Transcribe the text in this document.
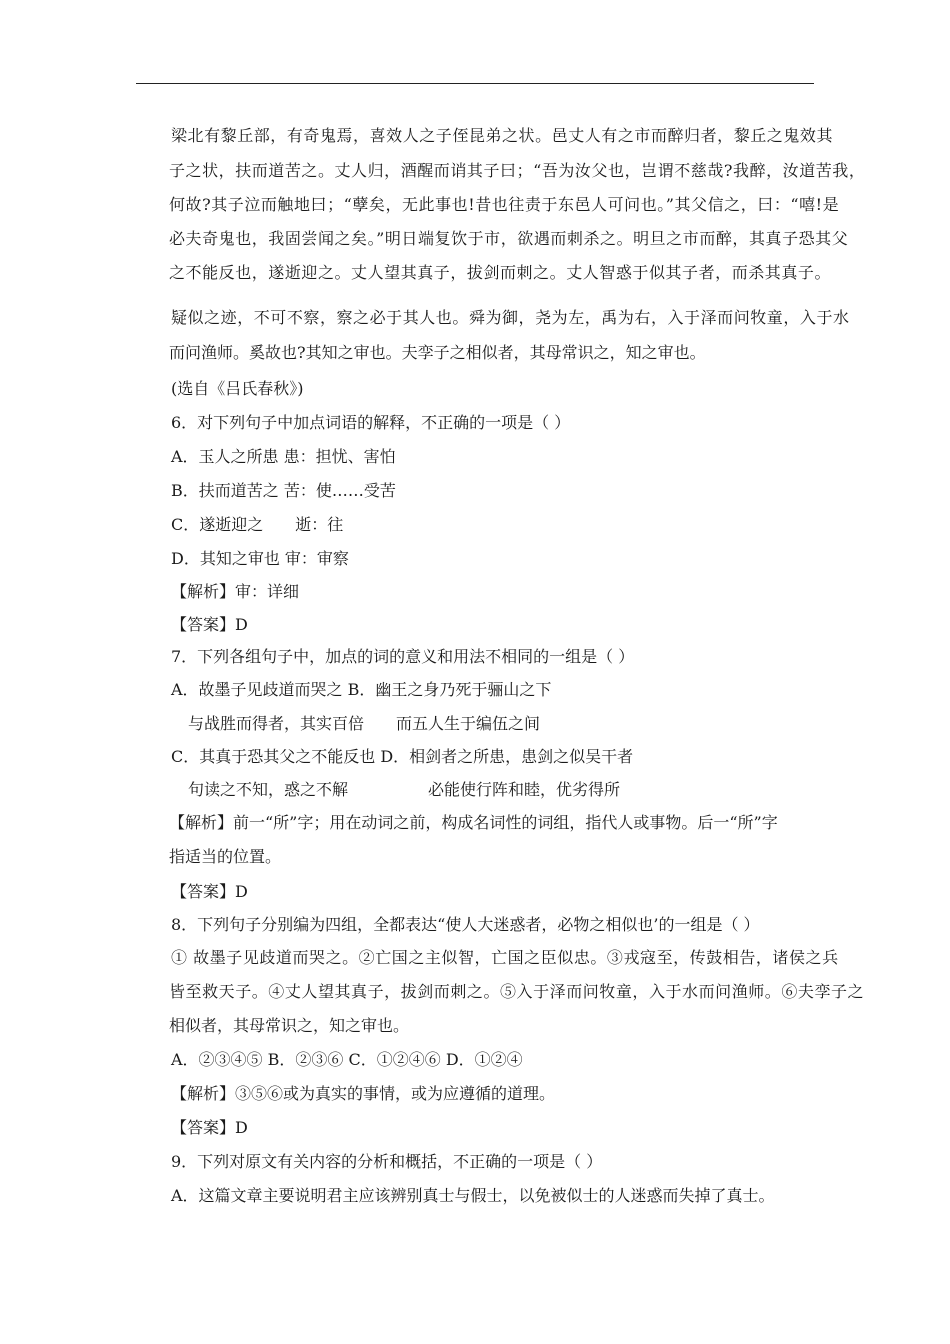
梁北有黎丘部，有奇鬼焉，喜效人之子侄昆弟之状。邑丈人有之市而醉归者，黎丘之鬼效其
子之状，扶而道苦之。丈人归，酒醒而诮其子曰；“吾为汝父也，岂谓不慈哉?我醉，汝道苦我，
何故?其子泣而触地曰；“孽矣，无此事也!昔也往责于东邑人可问也。”其父信之，曰：“嘻!是
必夫奇鬼也，我固尝闻之矣。”明日端复饮于市，欲遇而刺杀之。明旦之市而醉，其真子恐其父
之不能反也，遂逝迎之。丈人望其真子，拔剑而刺之。丈人智惑于似其子者，而杀其真子。
疑似之迹，不可不察，察之必于其人也。舜为御，尧为左，禹为右，入于泽而问牧童，入于水
而问渔师。奚故也?其知之审也。夫孪子之相似者，其母常识之，知之审也。
(选自《吕氏春秋》)
6．对下列句子中加点词语的解释，不正确的一项是（ ）
A．玉人之所患 患：担忧、害怕
B．扶而道苦之 苦：使……受苦
C．遂逝迎之　　逝：往
D．其知之审也 审：审察
【解析】审：详细
【答案】D
7．下列各组句子中，加点的词的意义和用法不相同的一组是（ ）
A．故墨子见歧道而哭之 B．幽王之身乃死于骊山之下
与战胜而得者，其实百倍　　而五人生于编伍之间
C．其真于恐其父之不能反也 D．相剑者之所患，患剑之似吴干者
句读之不知，惑之不解　　　　　必能使行阵和睦，优劣得所
【解析】前一“所”字；用在动词之前，构成名词性的词组，指代人或事物。后一“所”字
指适当的位置。
【答案】D
8．下列句子分别编为四组，全都表达“使人大迷惑者，必物之相似也’的一组是（ ）
① 故墨子见歧道而哭之。②亡国之主似智，亡国之臣似忠。③戎寇至，传鼓相告，诸侯之兵
皆至救天子。④丈人望其真子，拔剑而刺之。⑤入于泽而问牧童，入于水而问渔师。⑥夫孪子之
相似者，其母常识之，知之审也。
A．②③④⑤ B．②③⑥ C．①②④⑥ D．①②④
【解析】③⑤⑥或为真实的事情，或为应遵循的道理。
【答案】D
9．下列对原文有关内容的分析和概括，不正确的一项是（ ）
A．这篇文章主要说明君主应该辨别真士与假士，以免被似士的人迷惑而失掉了真士。
